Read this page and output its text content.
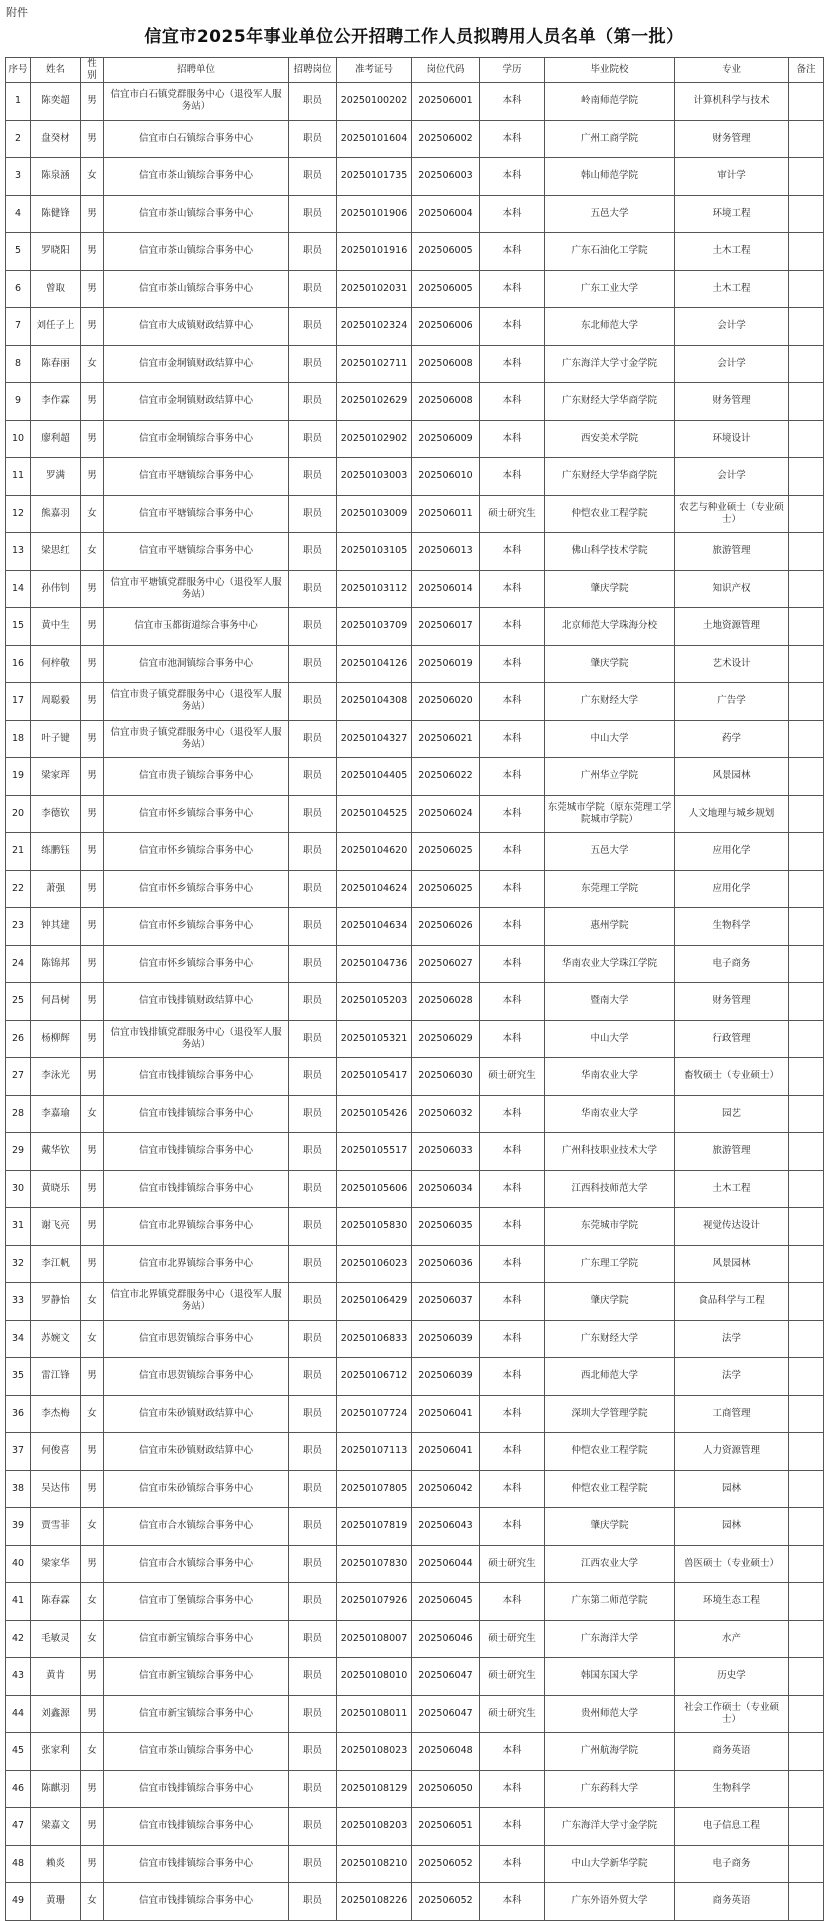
附件
信宜市2025年事业单位公开招聘工作人员拟聘用人员名单（第一批）
序号	姓名	性别	招聘单位	招聘岗位	准考证号	岗位代码	学历	毕业院校	专业	备注
1	陈奕超	男	信宜市白石镇党群服务中心（退役军人服务站）	职员	20250100202	202506001	本科	岭南师范学院	计算机科学与技术	
2	盘癸材	男	信宜市白石镇综合事务中心	职员	20250101604	202506002	本科	广州工商学院	财务管理	
3	陈泉涵	女	信宜市茶山镇综合事务中心	职员	20250101735	202506003	本科	韩山师范学院	审计学	
4	陈健锋	男	信宜市茶山镇综合事务中心	职员	20250101906	202506004	本科	五邑大学	环境工程	
5	罗晓阳	男	信宜市茶山镇综合事务中心	职员	20250101916	202506005	本科	广东石油化工学院	土木工程	
6	曾取	男	信宜市茶山镇综合事务中心	职员	20250102031	202506005	本科	广东工业大学	土木工程	
7	刘任子上	男	信宜市大成镇财政结算中心	职员	20250102324	202506006	本科	东北师范大学	会计学	
8	陈春丽	女	信宜市金垌镇财政结算中心	职员	20250102711	202506008	本科	广东海洋大学寸金学院	会计学	
9	李作霖	男	信宜市金垌镇财政结算中心	职员	20250102629	202506008	本科	广东财经大学华商学院	财务管理	
10	廖利超	男	信宜市金垌镇综合事务中心	职员	20250102902	202506009	本科	西安美术学院	环境设计	
11	罗满	男	信宜市平塘镇综合事务中心	职员	20250103003	202506010	本科	广东财经大学华商学院	会计学	
12	熊嘉羽	女	信宜市平塘镇综合事务中心	职员	20250103009	202506011	硕士研究生	仲恺农业工程学院	农艺与种业硕士（专业硕士）	
13	梁思红	女	信宜市平塘镇综合事务中心	职员	20250103105	202506013	本科	佛山科学技术学院	旅游管理	
14	孙伟钊	男	信宜市平塘镇党群服务中心（退役军人服务站）	职员	20250103112	202506014	本科	肇庆学院	知识产权	
15	黄中生	男	信宜市玉都街道综合事务中心	职员	20250103709	202506017	本科	北京师范大学珠海分校	土地资源管理	
16	何梓敬	男	信宜市池洞镇综合事务中心	职员	20250104126	202506019	本科	肇庆学院	艺术设计	
17	周聪毅	男	信宜市贵子镇党群服务中心（退役军人服务站）	职员	20250104308	202506020	本科	广东财经大学	广告学	
18	叶子键	男	信宜市贵子镇党群服务中心（退役军人服务站）	职员	20250104327	202506021	本科	中山大学	药学	
19	梁家珲	男	信宜市贵子镇综合事务中心	职员	20250104405	202506022	本科	广州华立学院	风景园林	
20	李德钦	男	信宜市怀乡镇综合事务中心	职员	20250104525	202506024	本科	东莞城市学院（原东莞理工学院城市学院）	人文地理与城乡规划	
21	练鹏钰	男	信宜市怀乡镇综合事务中心	职员	20250104620	202506025	本科	五邑大学	应用化学	
22	萧强	男	信宜市怀乡镇综合事务中心	职员	20250104624	202506025	本科	东莞理工学院	应用化学	
23	钟其建	男	信宜市怀乡镇综合事务中心	职员	20250104634	202506026	本科	惠州学院	生物科学	
24	陈锦邦	男	信宜市怀乡镇综合事务中心	职员	20250104736	202506027	本科	华南农业大学珠江学院	电子商务	
25	何昌树	男	信宜市钱排镇财政结算中心	职员	20250105203	202506028	本科	暨南大学	财务管理	
26	杨柳辉	男	信宜市钱排镇党群服务中心（退役军人服务站）	职员	20250105321	202506029	本科	中山大学	行政管理	
27	李泳光	男	信宜市钱排镇综合事务中心	职员	20250105417	202506030	硕士研究生	华南农业大学	畜牧硕士（专业硕士）	
28	李嘉瑜	女	信宜市钱排镇综合事务中心	职员	20250105426	202506032	本科	华南农业大学	园艺	
29	戴华钦	男	信宜市钱排镇综合事务中心	职员	20250105517	202506033	本科	广州科技职业技术大学	旅游管理	
30	黄晓乐	男	信宜市钱排镇综合事务中心	职员	20250105606	202506034	本科	江西科技师范大学	土木工程	
31	谢飞亮	男	信宜市北界镇综合事务中心	职员	20250105830	202506035	本科	东莞城市学院	视觉传达设计	
32	李江帆	男	信宜市北界镇综合事务中心	职员	20250106023	202506036	本科	广东理工学院	风景园林	
33	罗静怡	女	信宜市北界镇党群服务中心（退役军人服务站）	职员	20250106429	202506037	本科	肇庆学院	食品科学与工程	
34	苏婉文	女	信宜市思贺镇综合事务中心	职员	20250106833	202506039	本科	广东财经大学	法学	
35	雷江锋	男	信宜市思贺镇综合事务中心	职员	20250106712	202506039	本科	西北师范大学	法学	
36	李杰梅	女	信宜市朱砂镇财政结算中心	职员	20250107724	202506041	本科	深圳大学管理学院	工商管理	
37	何俊喜	男	信宜市朱砂镇财政结算中心	职员	20250107113	202506041	本科	仲恺农业工程学院	人力资源管理	
38	吴达伟	男	信宜市朱砂镇综合事务中心	职员	20250107805	202506042	本科	仲恺农业工程学院	园林	
39	贾雪菲	女	信宜市合水镇综合事务中心	职员	20250107819	202506043	本科	肇庆学院	园林	
40	梁家华	男	信宜市合水镇综合事务中心	职员	20250107830	202506044	硕士研究生	江西农业大学	兽医硕士（专业硕士）	
41	陈春霖	女	信宜市丁堡镇综合事务中心	职员	20250107926	202506045	本科	广东第二师范学院	环境生态工程	
42	毛敏灵	女	信宜市新宝镇综合事务中心	职员	20250108007	202506046	硕士研究生	广东海洋大学	水产	
43	黄肯	男	信宜市新宝镇综合事务中心	职员	20250108010	202506047	硕士研究生	韩国东国大学	历史学	
44	刘鑫源	男	信宜市新宝镇综合事务中心	职员	20250108011	202506047	硕士研究生	贵州师范大学	社会工作硕士（专业硕士）	
45	张家利	女	信宜市茶山镇综合事务中心	职员	20250108023	202506048	本科	广州航海学院	商务英语	
46	陈麒羽	男	信宜市钱排镇综合事务中心	职员	20250108129	202506050	本科	广东药科大学	生物科学	
47	梁嘉文	男	信宜市钱排镇综合事务中心	职员	20250108203	202506051	本科	广东海洋大学寸金学院	电子信息工程	
48	赖炎	男	信宜市钱排镇综合事务中心	职员	20250108210	202506052	本科	中山大学新华学院	电子商务	
49	黄珊	女	信宜市钱排镇综合事务中心	职员	20250108226	202506052	本科	广东外语外贸大学	商务英语	
